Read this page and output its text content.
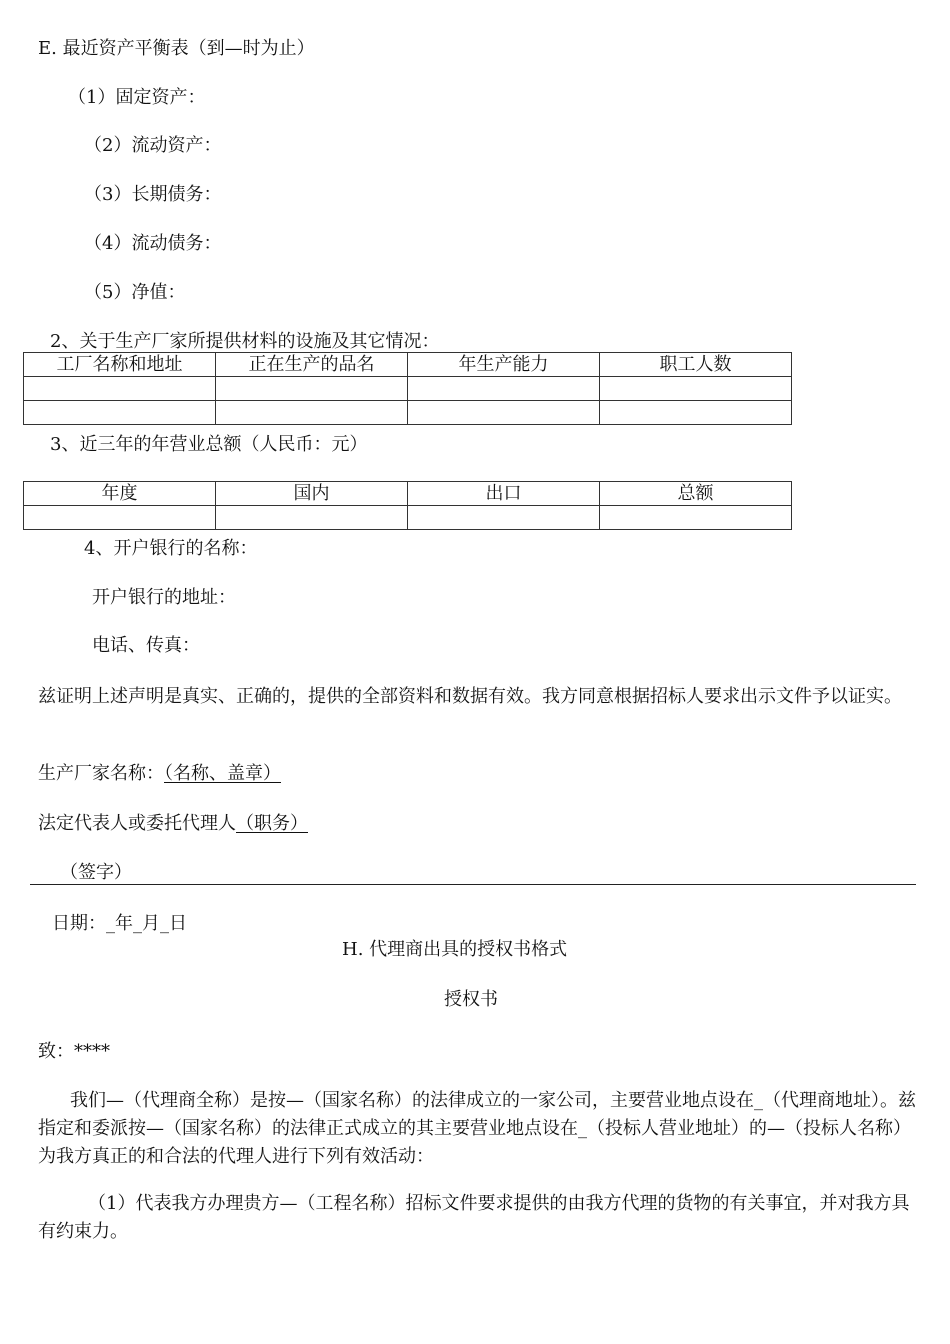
E. 最近资产平衡表（到—时为止）
（1）固定资产：
（2）流动资产：
（3）长期债务：
（4）流动债务：
（5）净值：
2、关于生产厂家所提供材料的设施及其它情况：
工厂名称和地址	正在生产的品名	年生产能力	职工人数

3、近三年的年营业总额（人民币：元）
年度	国内	出口	总额

4、开户银行的名称：
开户银行的地址：
电话、传真：
兹证明上述声明是真实、正确的，提供的全部资料和数据有效。我方同意根据招标人要求出示文件予以证实。
生产厂家名称：（名称、盖章）
法定代表人或委托代理人（职务）
（签字）
日期：_年_月_日
H. 代理商出具的授权书格式
授权书
致：****
我们—（代理商全称）是按—（国家名称）的法律成立的一家公司，主要营业地点设在_（代理商地址）。兹指定和委派按—（国家名称）的法律正式成立的其主要营业地点设在_（投标人营业地址）的—（投标人名称）为我方真正的和合法的代理人进行下列有效活动：
（1）代表我方办理贵方—（工程名称）招标文件要求提供的由我方代理的货物的有关事宜，并对我方具有约束力。
